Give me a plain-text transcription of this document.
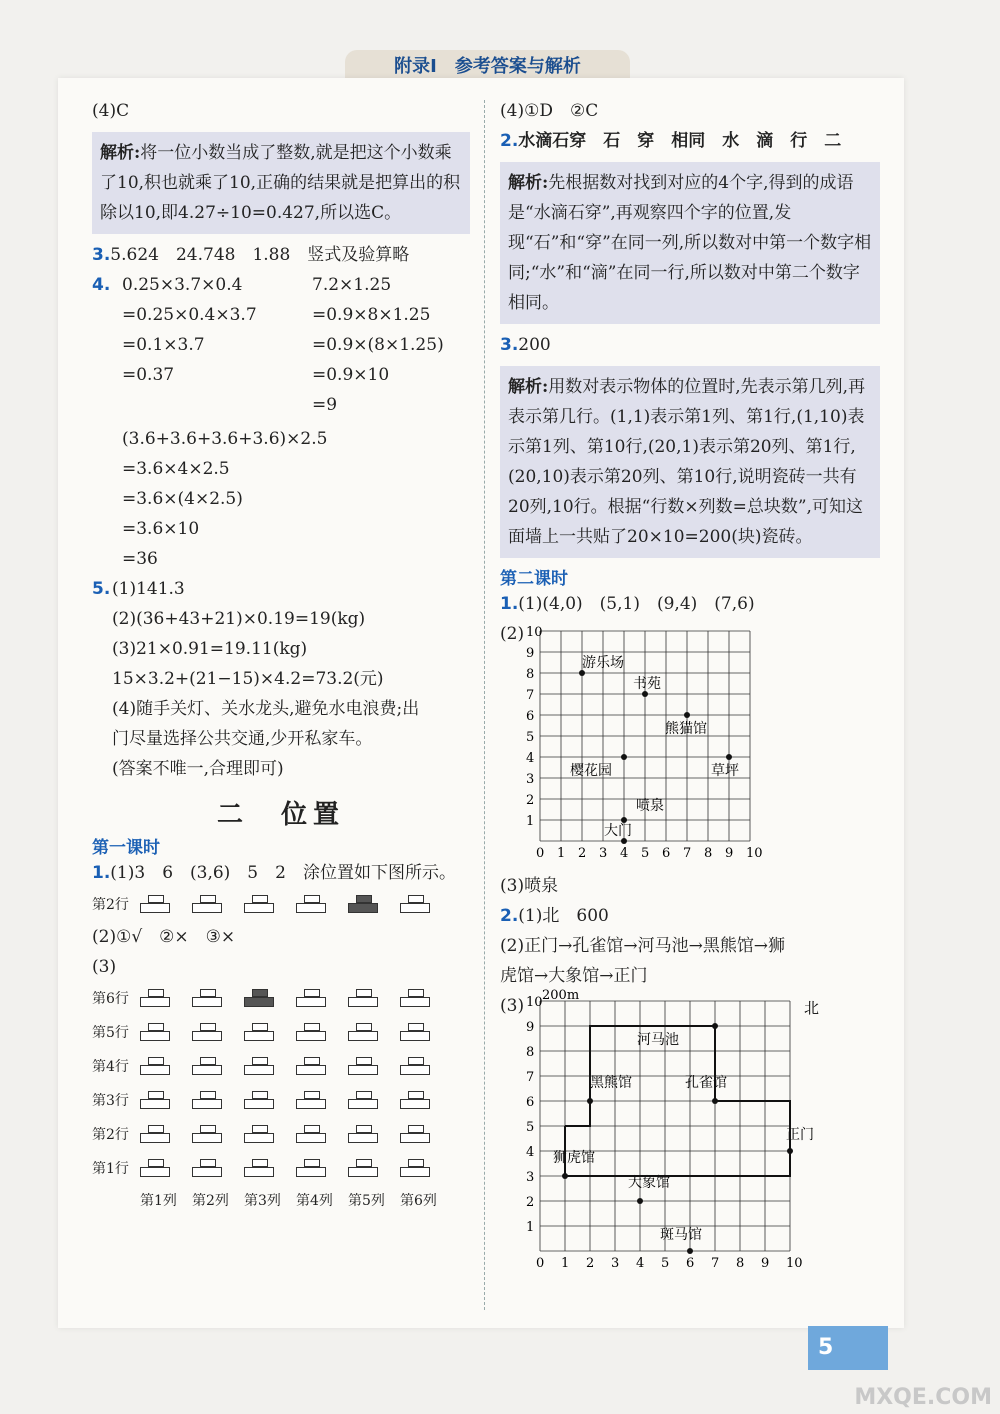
附录Ⅰ　参考答案与解析
(4)C
解析:将一位小数当成了整数,就是把这个小数乘了10,积也就乘了10,正确的结果就是把算出的积除以10,即4.27÷10=0.427,所以选C。
3.5.624　24.748　1.88　竖式及验算略
4. 0.25×3.7×0.4	7.2×1.25
=0.25×0.4×3.7	=0.9×8×1.25
=0.1×3.7	=0.9×(8×1.25)
=0.37	=0.9×10
=9
(3.6+3.6+3.6+3.6)×2.5
=3.6×4×2.5
=3.6×(4×2.5)
=3.6×10
=36
5. (1)141.3
(2)(36+43+21)×0.19=19(kg)
(3)21×0.91=19.11(kg)
15×3.2+(21−15)×4.2=73.2(元)
(4)随手关灯、关水龙头,避免水电浪费;出
门尽量选择公共交通,少开私家车。
(答案不唯一,合理即可)
二　位置
第一课时
1.(1)3　6　(3,6)　5　2　涂位置如下图所示。
第2行
(2)①√　②×　③×
(3)
第6行
第5行
第4行
第3行
第2行
第1行
第1列	第2列	第3列	第4列	第5列	第6列
(4)①D　②C
2.水滴石穿　石　穿　相同　水　滴　行　二
解析:先根据数对找到对应的4个字,得到的成语是“水滴石穿”,再观察四个字的位置,发现“石”和“穿”在同一列,所以数对中第一个数字相同;“水”和“滴”在同一行,所以数对中第二个数字相同。
3.200
解析:用数对表示物体的位置时,先表示第几列,再表示第几行。(1,1)表示第1列、第1行,(1,10)表示第1列、第10行,(20,1)表示第20列、第1行,(20,10)表示第20列、第10行,说明瓷砖一共有20列,10行。根据“行数×列数=总块数”,可知这面墙上一共贴了20×10=200(块)瓷砖。
第二课时
1.(1)(4,0)　(5,1)　(9,4)　(7,6)
(2)
0 1
1
2
2
3
3
4
4
5
5
6
6
7
7
8
8
9
9
10
10
游乐场
书苑
熊猫馆
樱花园	草坪
喷泉
大门
(3)喷泉
2.(1)北　600
(2)正门→孔雀馆→河马池→黑熊馆→狮
虎馆→大象馆→正门
(3)
0 1
1
2
2
3
3
4
4
5
5
6
6
7
7
8
8
9
9
10
10
河马池
黑熊馆	孔雀馆
正门
狮虎馆
大象馆
斑马馆
200m
北
5
MXQE.COM
